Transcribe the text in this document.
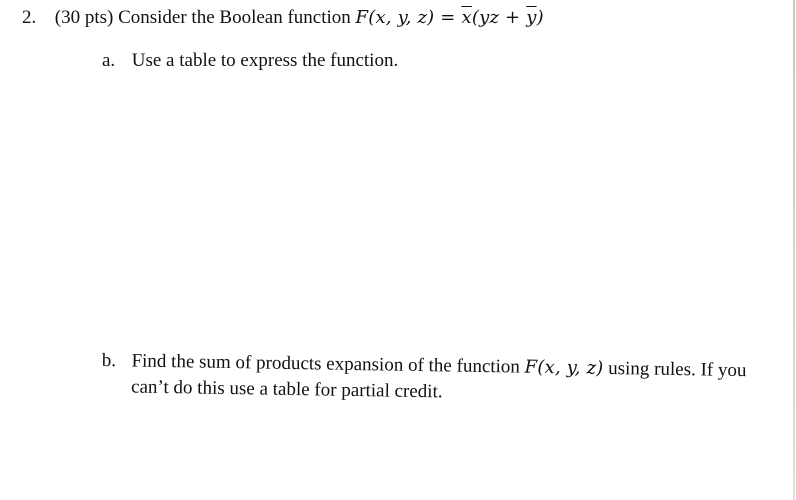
2. (30 pts) Consider the Boolean function F(x, y, $z) = \overline{x}(yz + \overline{y})$
a. Use a table to express the function.
b. Find the sum of products expansion of the function F(x, y, z) using rules. If you can’t do this use a table for partial credit.
